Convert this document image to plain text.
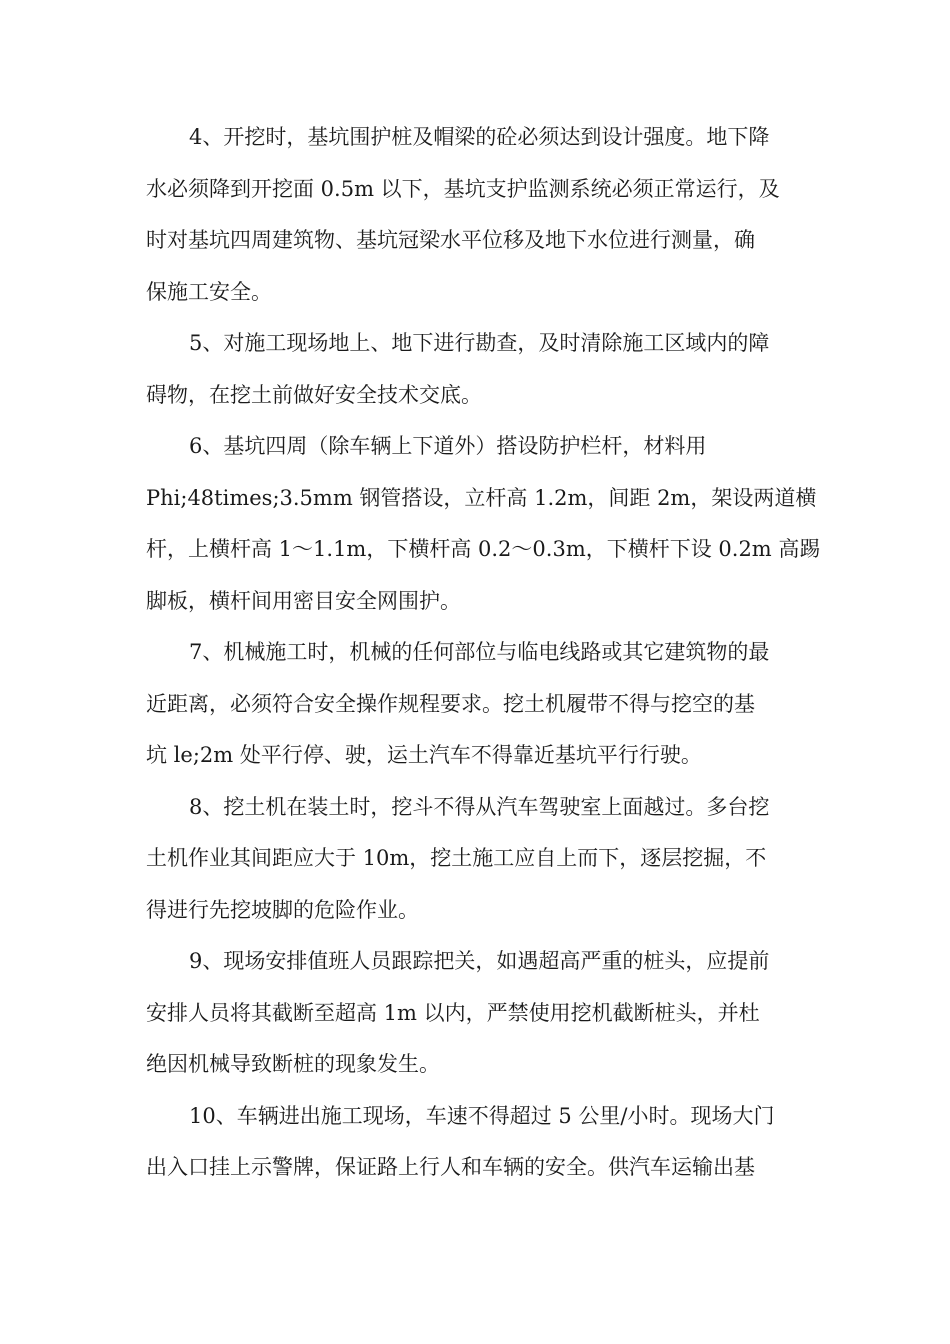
4、开挖时，基坑围护桩及帽梁的砼必须达到设计强度。地下降
水必须降到开挖面 0.5m 以下，基坑支护监测系统必须正常运行，及
时对基坑四周建筑物、基坑冠梁水平位移及地下水位进行测量，确
保施工安全。
5、对施工现场地上、地下进行勘查，及时清除施工区域内的障
碍物，在挖土前做好安全技术交底。
6、基坑四周（除车辆上下道外）搭设防护栏杆，材料用
Phi;48times;3.5mm 钢管搭设，立杆高 1.2m，间距 2m，架设两道横
杆，上横杆高 1～1.1m，下横杆高 0.2～0.3m，下横杆下设 0.2m 高踢
脚板，横杆间用密目安全网围护。
7、机械施工时，机械的任何部位与临电线路或其它建筑物的最
近距离，必须符合安全操作规程要求。挖土机履带不得与挖空的基
坑 le;2m 处平行停、驶，运土汽车不得靠近基坑平行行驶。
8、挖土机在装土时，挖斗不得从汽车驾驶室上面越过。多台挖
土机作业其间距应大于 10m，挖土施工应自上而下，逐层挖掘，不
得进行先挖坡脚的危险作业。
9、现场安排值班人员跟踪把关，如遇超高严重的桩头，应提前
安排人员将其截断至超高 1m 以内，严禁使用挖机截断桩头，并杜
绝因机械导致断桩的现象发生。
10、车辆进出施工现场，车速不得超过 5 公里/小时。现场大门
出入口挂上示警牌，保证路上行人和车辆的安全。供汽车运输出基
